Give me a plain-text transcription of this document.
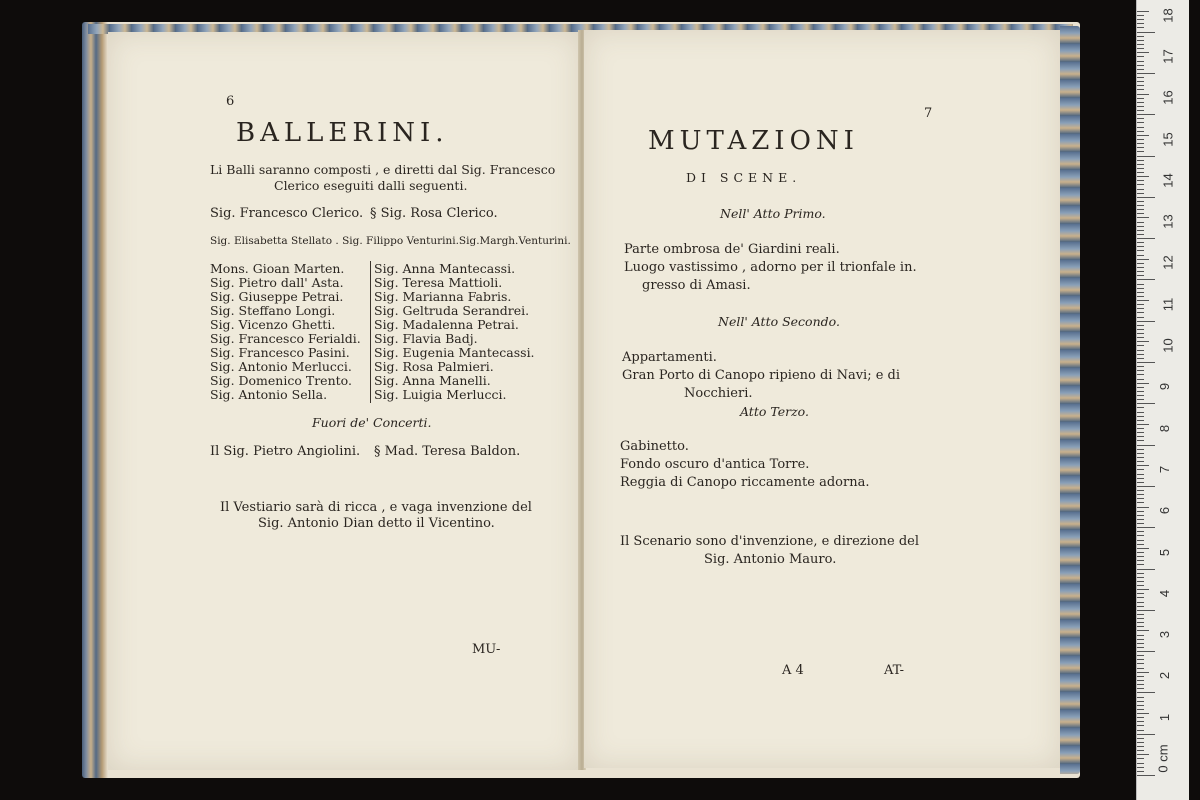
6
BALLERINI.
Li Balli saranno composti , e diretti dal Sig. Francesco
Clerico eseguiti dalli seguenti.
Sig. Francesco Clerico. § Sig. Rosa Clerico.
Sig. Elisabetta Stellato . Sig. Filippo Venturini.Sig.Margh.Venturini.
Mons. Gioan Marten.
Sig. Pietro dall' Asta.
Sig. Giuseppe Petrai.
Sig. Steffano Longi.
Sig. Vicenzo Ghetti.
Sig. Francesco Ferialdi.
Sig. Francesco Pasini.
Sig. Antonio Merlucci.
Sig. Domenico Trento.
Sig. Antonio Sella.
Sig. Anna Mantecassi.
Sig. Teresa Mattioli.
Sig. Marianna Fabris.
Sig. Geltruda Serandrei.
Sig. Madalenna Petrai.
Sig. Flavia Badj.
Sig. Eugenia Mantecassi.
Sig. Rosa Palmieri.
Sig. Anna Manelli.
Sig. Luigia Merlucci.
Fuori de' Concerti.
Il Sig. Pietro Angiolini. § Mad. Teresa Baldon.
Il Vestiario sarà di ricca , e vaga invenzione del
Sig. Antonio Dian detto il Vicentino.
MU-
7
MUTAZIONI
DI SCENE.
Nell' Atto Primo.
Parte ombrosa de' Giardini reali.
Luogo vastissimo , adorno per il trionfale in.
gresso di Amasi.
Nell' Atto Secondo.
Appartamenti.
Gran Porto di Canopo ripieno di Navi; e di
Nocchieri.
Atto Terzo.
Gabinetto.
Fondo oscuro d'antica Torre.
Reggia di Canopo riccamente adorna.
Il Scenario sono d'invenzione, e direzione del
Sig. Antonio Mauro.
A 4	AT-
0 cm
1
2
3
4
5
6
7
8
9
10
11
12
13
14
15
16
17
18
